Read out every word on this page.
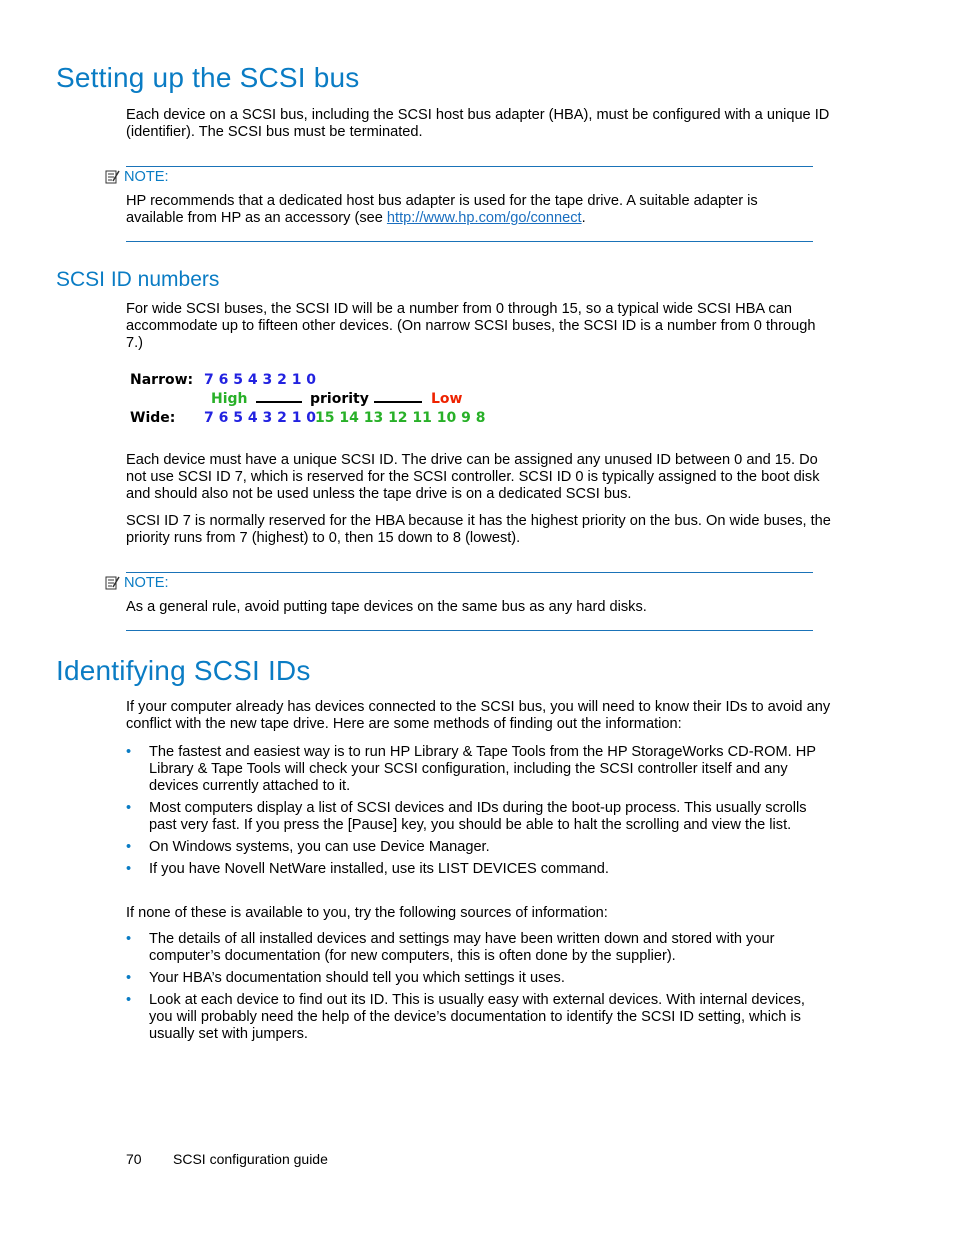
Setting up the SCSI bus

Each device on a SCSI bus, including the SCSI host bus adapter (HBA), must be configured with a unique ID (identifier). The SCSI bus must be terminated.

NOTE:
HP recommends that a dedicated host bus adapter is used for the tape drive. A suitable adapter is available from HP as an accessory (see http://www.hp.com/go/connect.
SCSI ID numbers

For wide SCSI buses, the SCSI ID will be a number from 0 through 15, so a typical wide SCSI HBA can accommodate up to fifteen other devices. (On narrow SCSI buses, the SCSI ID is a number from 0 through 7.)

Narrow: 7 6 5 4 3 2 1 0
High	priority	Low
Wide: 7 6 5 4 3 2 1 0
15 14 13 12 11 10 9 8

Each device must have a unique SCSI ID. The drive can be assigned any unused ID between 0 and 15. Do not use SCSI ID 7, which is reserved for the SCSI controller. SCSI ID 0 is typically assigned to the boot disk and should also not be used unless the tape drive is on a dedicated SCSI bus.

SCSI ID 7 is normally reserved for the HBA because it has the highest priority on the bus. On wide buses, the priority runs from 7 (highest) to 0, then 15 down to 8 (lowest).

NOTE:
As a general rule, avoid putting tape devices on the same bus as any hard disks.
Identifying SCSI IDs

If your computer already has devices connected to the SCSI bus, you will need to know their IDs to avoid any conflict with the new tape drive. Here are some methods of finding out the information:

• The fastest and easiest way is to run HP Library & Tape Tools from the HP StorageWorks CD-ROM. HP Library & Tape Tools will check your SCSI configuration, including the SCSI controller itself and any devices currently attached to it.
• Most computers display a list of SCSI devices and IDs during the boot-up process. This usually scrolls past very fast. If you press the [Pause] key, you should be able to halt the scrolling and view the list.
• On Windows systems, you can use Device Manager.
• If you have Novell NetWare installed, use its LIST DEVICES command.

If none of these is available to you, try the following sources of information:

• The details of all installed devices and settings may have been written down and stored with your computer’s documentation (for new computers, this is often done by the supplier).
• Your HBA’s documentation should tell you which settings it uses.
• Look at each device to find out its ID. This is usually easy with external devices. With internal devices, you will probably need the help of the device’s documentation to identify the SCSI ID setting, which is usually set with jumpers.
70 SCSI configuration guide
